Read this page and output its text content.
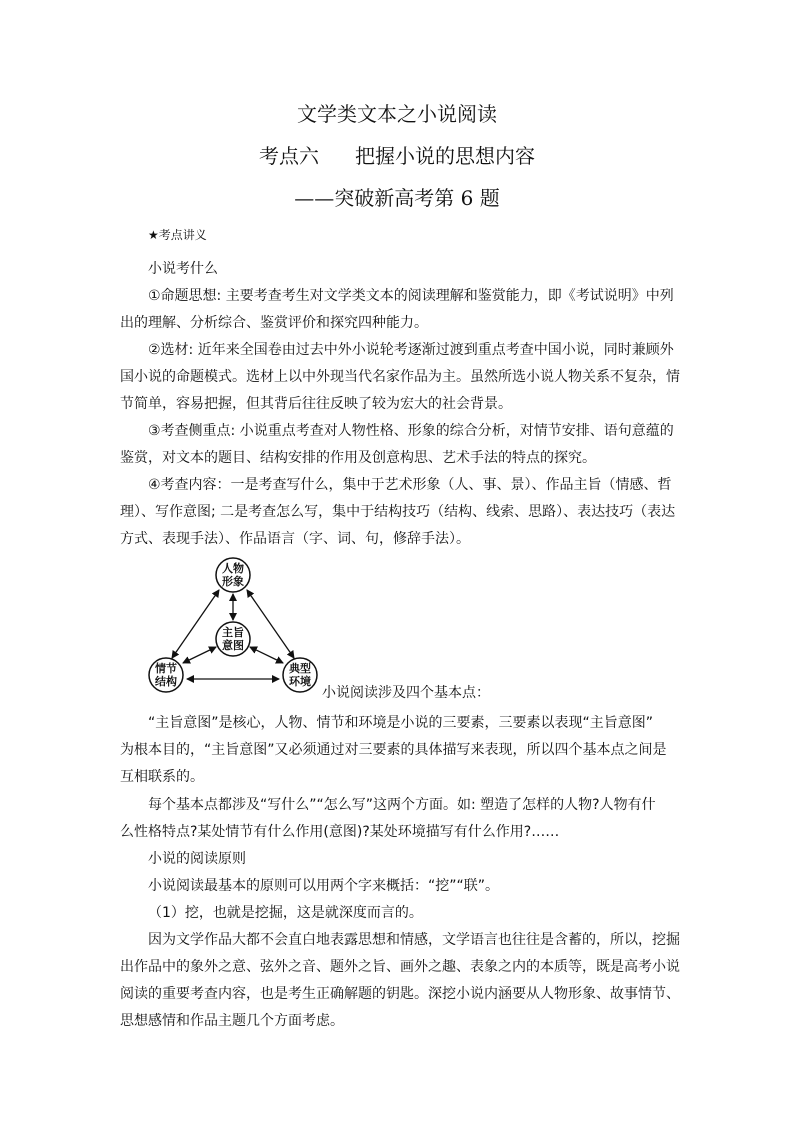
文学类文本之小说阅读
考点六 把握小说的思想内容
——突破新高考第 6 题
★考点讲义
小说考什么
①命题思想: 主要考查考生对文学类文本的阅读理解和鉴赏能力，即《考试说明》中列
出的理解、分析综合、鉴赏评价和探究四种能力。
②选材: 近年来全国卷由过去中外小说轮考逐渐过渡到重点考查中国小说，同时兼顾外
国小说的命题模式。选材上以中外现当代名家作品为主。虽然所选小说人物关系不复杂，情
节简单，容易把握，但其背后往往反映了较为宏大的社会背景。
③考查侧重点: 小说重点考查对人物性格、形象的综合分析，对情节安排、语句意蕴的
鉴赏，对文本的题目、结构安排的作用及创意构思、艺术手法的特点的探究。
④考查内容：一是考查写什么，集中于艺术形象（人、事、景）、作品主旨（情感、哲
理）、写作意图; 二是考查怎么写，集中于结构技巧（结构、线索、思路）、表达技巧（表达
方式、表现手法）、作品语言（字、词、句，修辞手法）。
人物
形象
主旨
意图
情节
结构
典型
环境
小说阅读涉及四个基本点：
“主旨意图”是核心，人物、情节和环境是小说的三要素，三要素以表现“主旨意图”
为根本目的，“主旨意图”又必须通过对三要素的具体描写来表现，所以四个基本点之间是
互相联系的。
每个基本点都涉及“写什么”“怎么写”这两个方面。如: 塑造了怎样的人物?人物有什
么性格特点?某处情节有什么作用(意图)?某处环境描写有什么作用?……
小说的阅读原则
小说阅读最基本的原则可以用两个字来概括：“挖”“联”。
（1）挖，也就是挖掘，这是就深度而言的。
因为文学作品大都不会直白地表露思想和情感，文学语言也往往是含蓄的，所以，挖掘
出作品中的象外之意、弦外之音、题外之旨、画外之趣、表象之内的本质等，既是高考小说
阅读的重要考查内容，也是考生正确解题的钥匙。深挖小说内涵要从人物形象、故事情节、
思想感情和作品主题几个方面考虑。
